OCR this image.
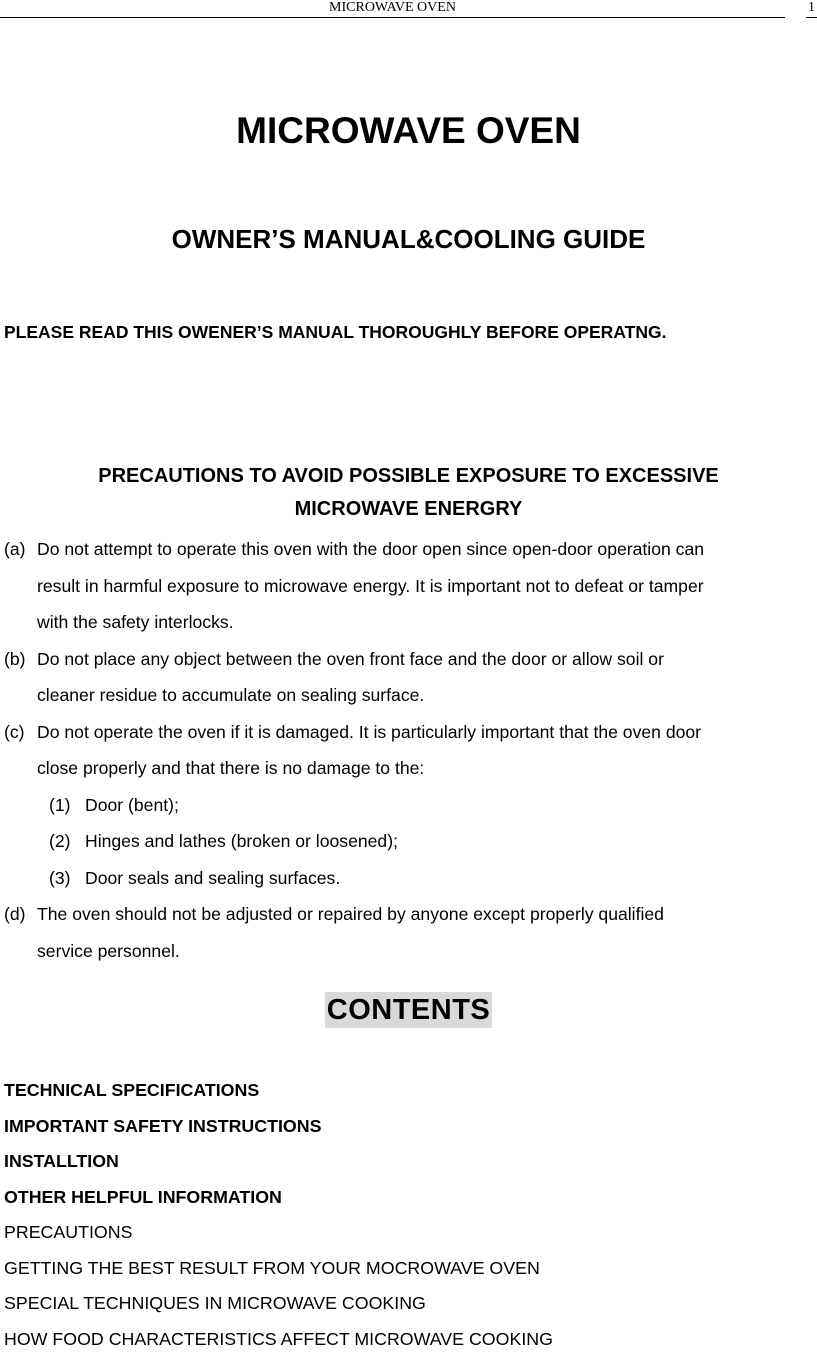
MICROWAVE OVEN	1
MICROWAVE OVEN
OWNER’S MANUAL&COOLING GUIDE
PLEASE READ THIS OWENER’S MANUAL THOROUGHLY BEFORE OPERATNG.
PRECAUTIONS TO AVOID POSSIBLE EXPOSURE TO EXCESSIVE
MICROWAVE ENERGRY
(a) Do not attempt to operate this oven with the door open since open-door operation can
result in harmful exposure to microwave energy. It is important not to defeat or tamper
with the safety interlocks.
(b) Do not place any object between the oven front face and the door or allow soil or
cleaner residue to accumulate on sealing surface.
(c) Do not operate the oven if it is damaged. It is particularly important that the oven door
close properly and that there is no damage to the:
(1) Door (bent);
(2) Hinges and lathes (broken or loosened);
(3) Door seals and sealing surfaces.
(d) The oven should not be adjusted or repaired by anyone except properly qualified
service personnel.
CONTENTS
TECHNICAL SPECIFICATIONS
IMPORTANT SAFETY INSTRUCTIONS
INSTALLTION
OTHER HELPFUL INFORMATION
PRECAUTIONS
GETTING THE BEST RESULT FROM YOUR MOCROWAVE OVEN
SPECIAL TECHNIQUES IN MICROWAVE COOKING
HOW FOOD CHARACTERISTICS AFFECT MICROWAVE COOKING
